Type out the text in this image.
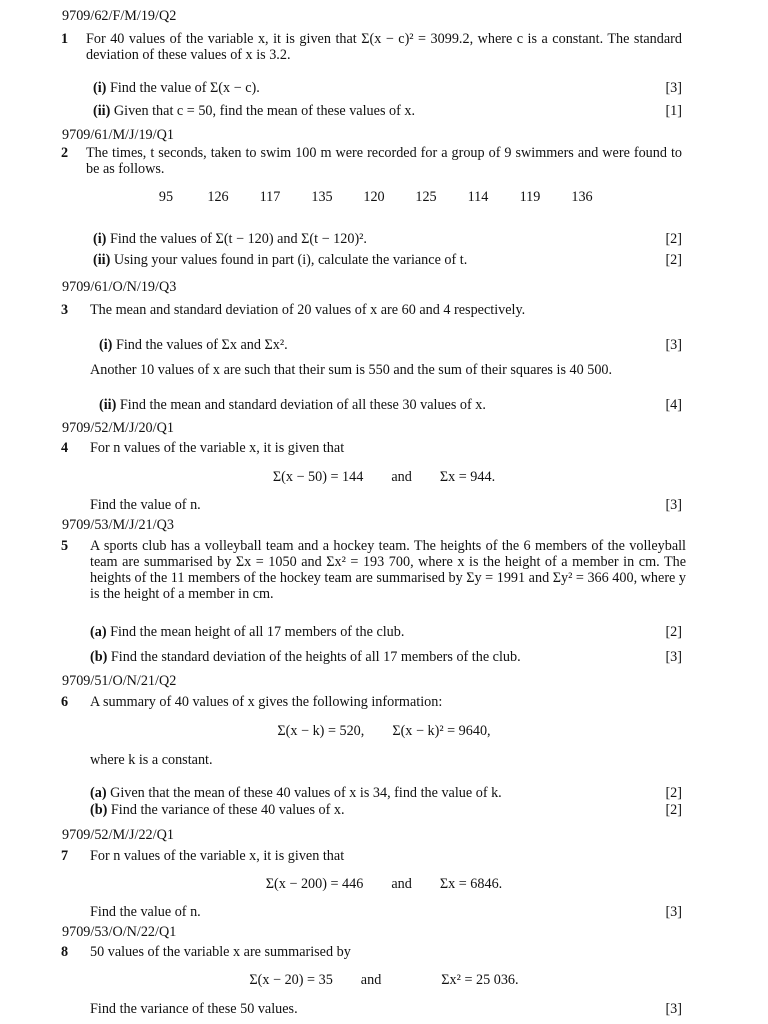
9709/62/F/M/19/Q2
1 For 40 values of the variable x, it is given that Σ(x − c)² = 3099.2, where c is a constant. The standard deviation of these values of x is 3.2.
(i) Find the value of Σ(x − c).	[3]
(ii) Given that c = 50, find the mean of these values of x.	[1]
9709/61/M/J/19/Q1
2 The times, t seconds, taken to swim 100 m were recorded for a group of 9 swimmers and were found to be as follows.
95	126	117	135	120	125	114	119	136
(i) Find the values of Σ(t − 120) and Σ(t − 120)².	[2]
(ii) Using your values found in part (i), calculate the variance of t.	[2]
9709/61/O/N/19/Q3
3 The mean and standard deviation of 20 values of x are 60 and 4 respectively.
(i) Find the values of Σx and Σx².	[3]
Another 10 values of x are such that their sum is 550 and the sum of their squares is 40 500.
(ii) Find the mean and standard deviation of all these 30 values of x.	[4]
9709/52/M/J/20/Q1
4 For n values of the variable x, it is given that
Σ(x − 50) = 144 and Σx = 944.
Find the value of n.	[3]
9709/53/M/J/21/Q3
5 A sports club has a volleyball team and a hockey team. The heights of the 6 members of the volleyball team are summarised by Σx = 1050 and Σx² = 193 700, where x is the height of a member in cm. The heights of the 11 members of the hockey team are summarised by Σy = 1991 and Σy² = 366 400, where y is the height of a member in cm.
(a) Find the mean height of all 17 members of the club.	[2]
(b) Find the standard deviation of the heights of all 17 members of the club.	[3]
9709/51/O/N/21/Q2
6 A summary of 40 values of x gives the following information:
Σ(x − k) = 520, Σ(x − k)² = 9640,
where k is a constant.
(a) Given that the mean of these 40 values of x is 34, find the value of k.	[2]
(b) Find the variance of these 40 values of x.	[2]
9709/52/M/J/22/Q1
7 For n values of the variable x, it is given that
Σ(x − 200) = 446 and Σx = 6846.
Find the value of n.	[3]
9709/53/O/N/22/Q1
8 50 values of the variable x are summarised by
Σ(x − 20) = 35 and	Σx² = 25 036.
Find the variance of these 50 values.	[3]
